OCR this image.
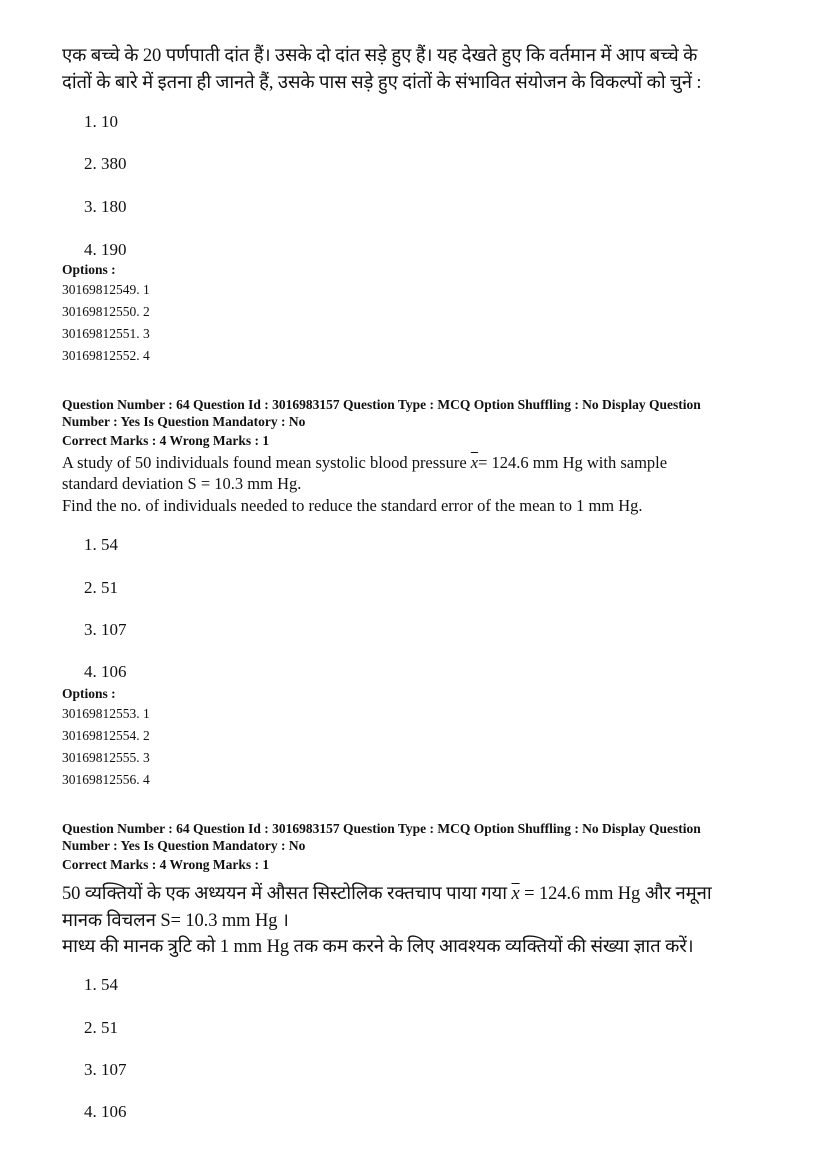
एक बच्चे के 20 पर्णपाती दांत हैं। उसके दो दांत सड़े हुए हैं। यह देखते हुए कि वर्तमान में आप बच्चे के
दांतों के बारे में इतना ही जानते हैं, उसके पास सड़े हुए दांतों के संभावित संयोजन के विकल्पों को चुनें :
1. 10
2. 380
3. 180
4. 190
Options :
30169812549. 1
30169812550. 2
30169812551. 3
30169812552. 4
Question Number : 64 Question Id : 3016983157 Question Type : MCQ Option Shuffling : No Display Question
Number : Yes Is Question Mandatory : No
Correct Marks : 4 Wrong Marks : 1
A study of 50 individuals found mean systolic blood pressure $\overline{x}= 124.6$ mm Hg with sample
standard deviation S = 10.3 mm Hg.
Find the no. of individuals needed to reduce the standard error of the mean to 1 mm Hg.
1. 54
2. 51
3. 107
4. 106
Options :
30169812553. 1
30169812554. 2
30169812555. 3
30169812556. 4
Question Number : 64 Question Id : 3016983157 Question Type : MCQ Option Shuffling : No Display Question
Number : Yes Is Question Mandatory : No
Correct Marks : 4 Wrong Marks : 1
50 व्यक्तियों के एक अध्ययन में औसत सिस्टोलिक रक्तचाप पाया गया $\overline{x} = 124.6$ mm Hg और नमूना
मानक विचलन S= 10.3 mm Hg ।
माध्य की मानक त्रुटि को 1 mm Hg तक कम करने के लिए आवश्यक व्यक्तियों की संख्या ज्ञात करें।
1. 54
2. 51
3. 107
4. 106
